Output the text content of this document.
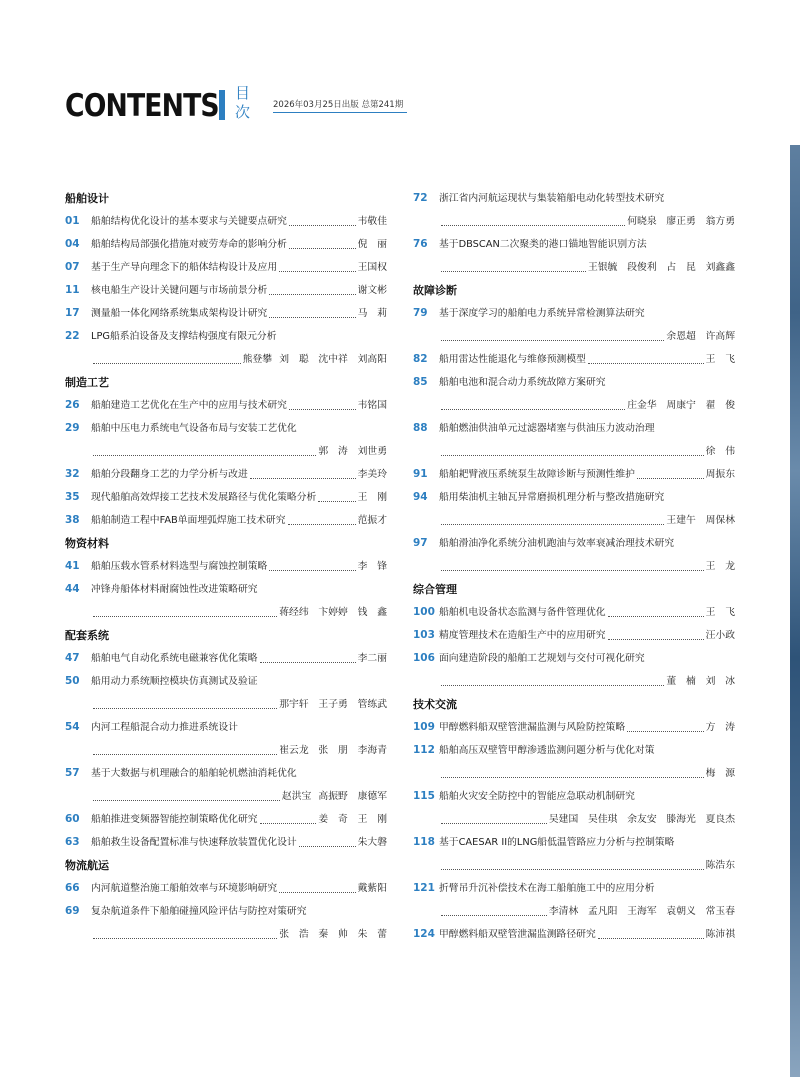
CONTENTS 目次	2026年03月25日出版 总第241期
船舶设计
01	船舶结构优化设计的基本要求与关键要点研究	韦敬佳
04	船舶结构局部强化措施对疲劳寿命的影响分析	倪　丽
07	基于生产导向理念下的船体结构设计及应用	王国权
11	核电船生产设计关键问题与市场前景分析	谢文彬
17	测量船一体化网络系统集成架构设计研究	马　莉
22	LPG船系泊设备及支撑结构强度有限元分析
熊登攀 刘　聪　沈中祥　刘高阳
制造工艺
26	船舶建造工艺优化在生产中的应用与技术研究	韦铭国
29	船舶中压电力系统电气设备布局与安装工艺优化
郭　涛　刘世勇
32	船舶分段翻身工艺的力学分析与改进	李美玲
35	现代船舶高效焊接工艺技术发展路径与优化策略分析	王　刚
38	船舶制造工程中FAB单面埋弧焊施工技术研究	范振才
物资材料
41	船舶压载水管系材料选型与腐蚀控制策略	李　锋
44	冲锋舟船体材料耐腐蚀性改进策略研究
蒋经纬　卞婷婷　钱　鑫
配套系统
47	船舶电气自动化系统电磁兼容优化策略	李二丽
50	船用动力系统顺控模块仿真测试及验证
那宇轩　王子勇　管练武
54	内河工程船混合动力推进系统设计
崔云龙　张　朋　李海青
57	基于大数据与机理融合的船舶轮机燃油消耗优化
赵洪宝 高振野　康德军
60	船舶推进变频器智能控制策略优化研究	姜　奇　王　刚
63	船舶救生设备配置标准与快速释放装置优化设计	朱大磐
物流航运
66	内河航道整治施工船舶效率与环境影响研究	戴紫阳
69	复杂航道条件下船舶碰撞风险评估与防控对策研究
张　浩　秦　帅　朱　蕾
72	浙江省内河航运现状与集装箱船电动化转型技术研究
何晓泉　廖正勇　翁方勇
76	基于DBSCAN二次聚类的港口锚地智能识别方法
王银毓　段俊利　占　昆　刘鑫鑫
故障诊断
79	基于深度学习的船舶电力系统异常检测算法研究
余恩超　许高辉
82	船用雷达性能退化与维修预测模型	王　飞
85	船舶电池和混合动力系统故障方案研究
庄金华　周康宁　翟　俊
88	船舶燃油供油单元过滤器堵塞与供油压力波动治理
徐　伟
91	船舶耙臂液压系统泵生故障诊断与预测性维护	周振东
94	船用柴油机主轴瓦异常磨损机理分析与整改措施研究
王建午　周保林
97	船舶滑油净化系统分油机跑油与效率衰减治理技术研究
王　龙
综合管理
100 船舶机电设备状态监测与备件管理优化	王　飞
103 精度管理技术在造船生产中的应用研究	汪小政
106 面向建造阶段的船舶工艺规划与交付可视化研究
董　楠　刘　冰
技术交流
109 甲醇燃料船双壁管泄漏监测与风险防控策略	方　涛
112 船舶高压双壁管甲醇渗透监测问题分析与优化对策
梅　源
115 船舶火灾安全防控中的智能应急联动机制研究
吴建国　吴佳琪　余友安　滕海光　夏良杰
118 基于CAESAR II的LNG船低温管路应力分析与控制策略
陈浩东
121 折臂吊升沉补偿技术在海工船舶施工中的应用分析
李清林　孟凡阳　王海军　袁朝义　常玉春
124 甲醇燃料船双壁管泄漏监测路径研究	陈沛祺
